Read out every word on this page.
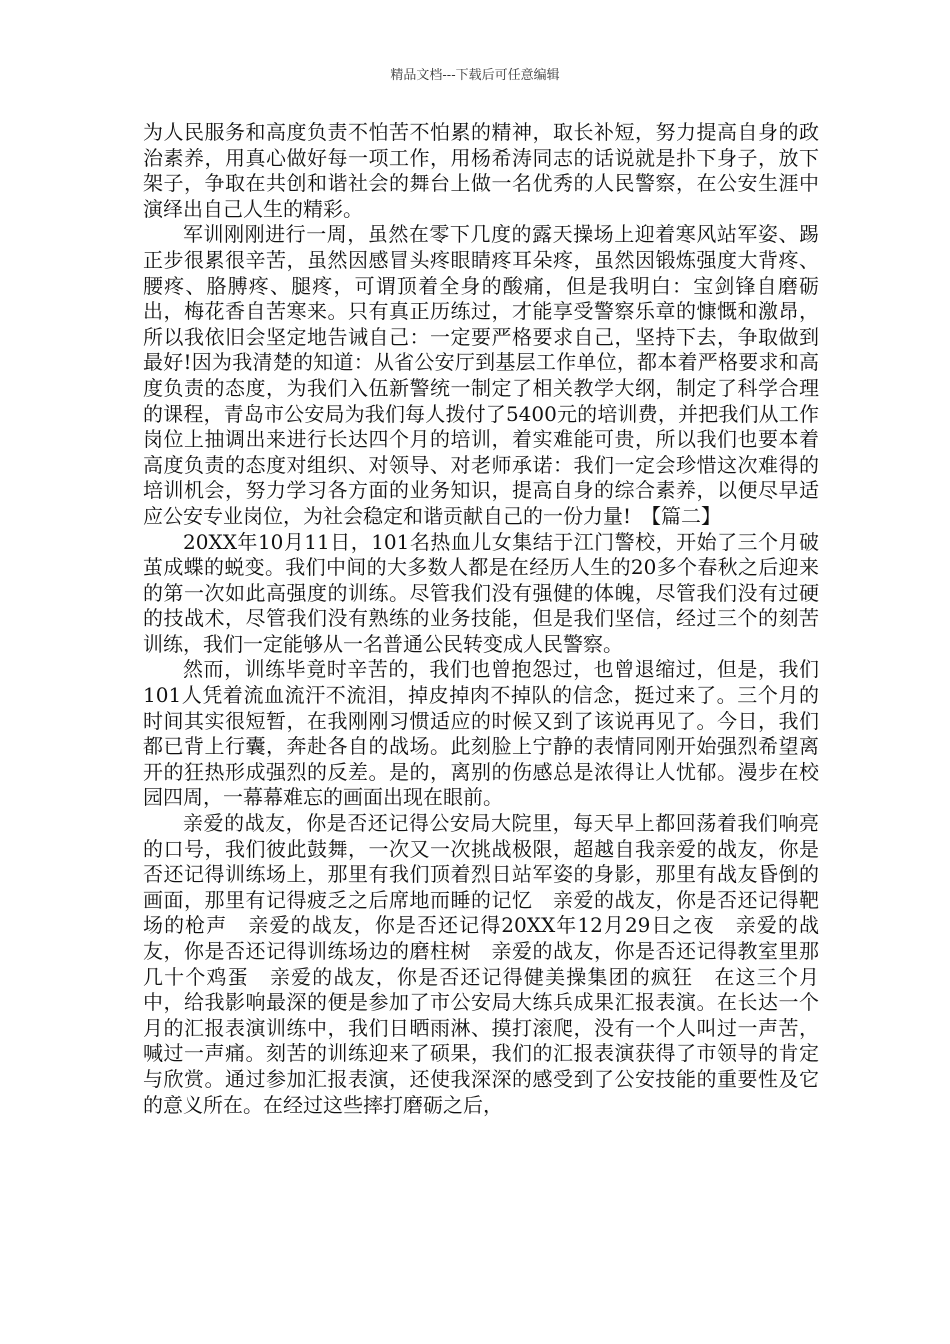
精品文档---下载后可任意编辑

为人民服务和高度负责不怕苦不怕累的精神，取长补短，努力提高自身的政治素养，用真心做好每一项工作，用杨希涛同志的话说就是扑下身子，放下架子，争取在共创和谐社会的舞台上做一名优秀的人民警察，在公安生涯中演绎出自己人生的精彩。

军训刚刚进行一周，虽然在零下几度的露天操场上迎着寒风站军姿、踢正步很累很辛苦，虽然因感冒头疼眼睛疼耳朵疼，虽然因锻炼强度大背疼、腰疼、胳膊疼、腿疼，可谓顶着全身的酸痛，但是我明白：宝剑锋自磨砺出，梅花香自苦寒来。只有真正历练过，才能享受警察乐章的慷慨和激昂，所以我依旧会坚定地告诫自己：一定要严格要求自己，坚持下去，争取做到最好!因为我清楚的知道：从省公安厅到基层工作单位，都本着严格要求和高度负责的态度，为我们入伍新警统一制定了相关教学大纲，制定了科学合理的课程，青岛市公安局为我们每人拨付了5400元的培训费，并把我们从工作岗位上抽调出来进行长达四个月的培训，着实难能可贵，所以我们也要本着高度负责的态度对组织、对领导、对老师承诺：我们一定会珍惜这次难得的培训机会，努力学习各方面的业务知识，提高自身的综合素养，以便尽早适应公安专业岗位，为社会稳定和谐贡献自己的一份力量!　【篇二】

20XX年10月11日，101名热血儿女集结于江门警校，开始了三个月破茧成蝶的蜕变。我们中间的大多数人都是在经历人生的20多个春秋之后迎来的第一次如此高强度的训练。尽管我们没有强健的体魄，尽管我们没有过硬的技战术，尽管我们没有熟练的业务技能，但是我们坚信，经过三个的刻苦训练，我们一定能够从一名普通公民转变成人民警察。

然而，训练毕竟时辛苦的，我们也曾抱怨过，也曾退缩过，但是，我们101人凭着流血流汗不流泪，掉皮掉肉不掉队的信念，挺过来了。三个月的时间其实很短暂，在我刚刚习惯适应的时候又到了该说再见了。今日，我们都已背上行囊，奔赴各自的战场。此刻脸上宁静的表情同刚开始强烈希望离开的狂热形成强烈的反差。是的，离别的伤感总是浓得让人忧郁。漫步在校园四周，一幕幕难忘的画面出现在眼前。

亲爱的战友，你是否还记得公安局大院里，每天早上都回荡着我们响亮的口号，我们彼此鼓舞，一次又一次挑战极限，超越自我亲爱的战友，你是否还记得训练场上，那里有我们顶着烈日站军姿的身影，那里有战友昏倒的画面，那里有记得疲乏之后席地而睡的记忆　亲爱的战友，你是否还记得靶场的枪声　亲爱的战友，你是否还记得20XX年12月29日之夜　亲爱的战友，你是否还记得训练场边的磨柱树　亲爱的战友，你是否还记得教室里那几十个鸡蛋　亲爱的战友，你是否还记得健美操集团的疯狂　在这三个月中，给我影响最深的便是参加了市公安局大练兵成果汇报表演。在长达一个月的汇报表演训练中，我们日晒雨淋、摸打滚爬，没有一个人叫过一声苦，喊过一声痛。刻苦的训练迎来了硕果，我们的汇报表演获得了市领导的肯定与欣赏。通过参加汇报表演，还使我深深的感受到了公安技能的重要性及它的意义所在。在经过这些摔打磨砺之后，
